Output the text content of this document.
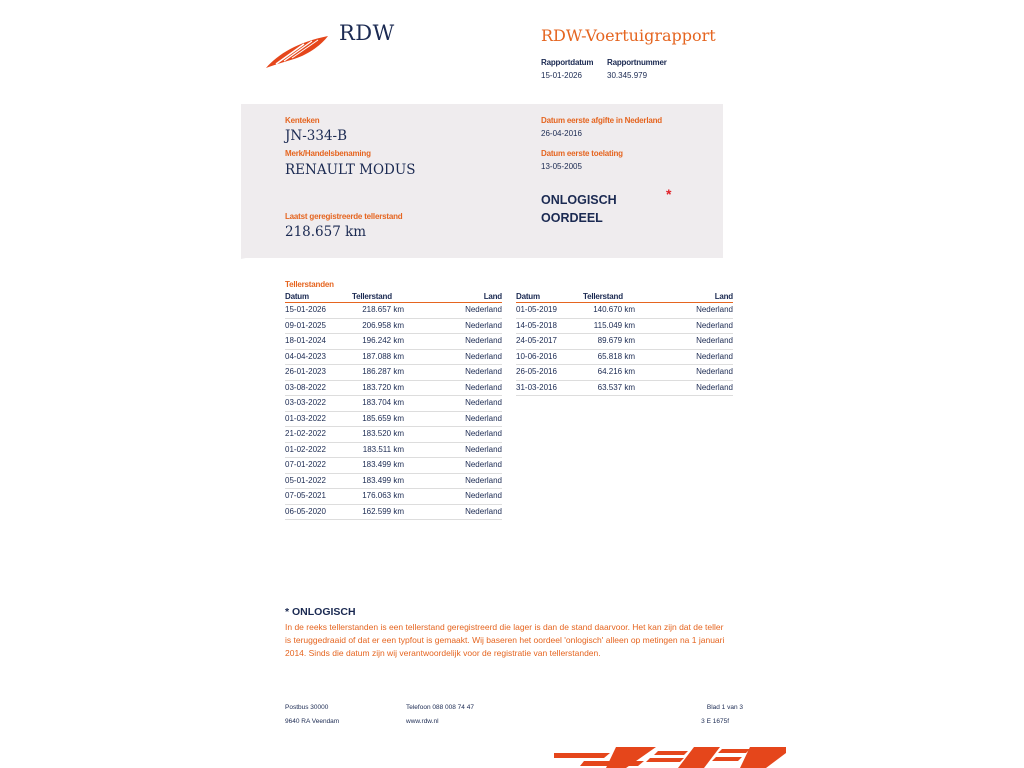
RDW	RDW-Voertuigrapport
Rapportdatum
15-01-2026
Rapportnummer
30.345.979
Kenteken
JN-334-B
Merk/Handelsbenaming
RENAULT MODUS
Laatst geregistreerde tellerstand
218.657 km
Datum eerste afgifte in Nederland
26-04-2016
Datum eerste toelating
13-05-2005
ONLOGISCH OORDEEL
*
Tellerstanden
Datum	Tellerstand	Land
15-01-2026	218.657 km	Nederland
09-01-2025	206.958 km	Nederland
18-01-2024	196.242 km	Nederland
04-04-2023	187.088 km	Nederland
26-01-2023	186.287 km	Nederland
03-08-2022	183.720 km	Nederland
03-03-2022	183.704 km	Nederland
01-03-2022	185.659 km	Nederland
21-02-2022	183.520 km	Nederland
01-02-2022	183.511 km	Nederland
07-01-2022	183.499 km	Nederland
05-01-2022	183.499 km	Nederland
07-05-2021	176.063 km	Nederland
06-05-2020	162.599 km	Nederland
Datum	Tellerstand	Land
01-05-2019	140.670 km	Nederland
14-05-2018	115.049 km	Nederland
24-05-2017	89.679 km	Nederland
10-06-2016	65.818 km	Nederland
26-05-2016	64.216 km	Nederland
31-03-2016	63.537 km	Nederland
* ONLOGISCH
In de reeks tellerstanden is een tellerstand geregistreerd die lager is dan de stand daarvoor. Het kan zijn dat de teller is teruggedraaid of dat er een typfout is gemaakt. Wij baseren het oordeel 'onlogisch' alleen op metingen na 1 januari 2014. Sinds die datum zijn wij verantwoordelijk voor de registratie van tellerstanden.
Postbus 30000
9640 RA Veendam
Telefoon 088 008 74 47
www.rdw.nl
Blad 1 van 3
3 E 1675f
